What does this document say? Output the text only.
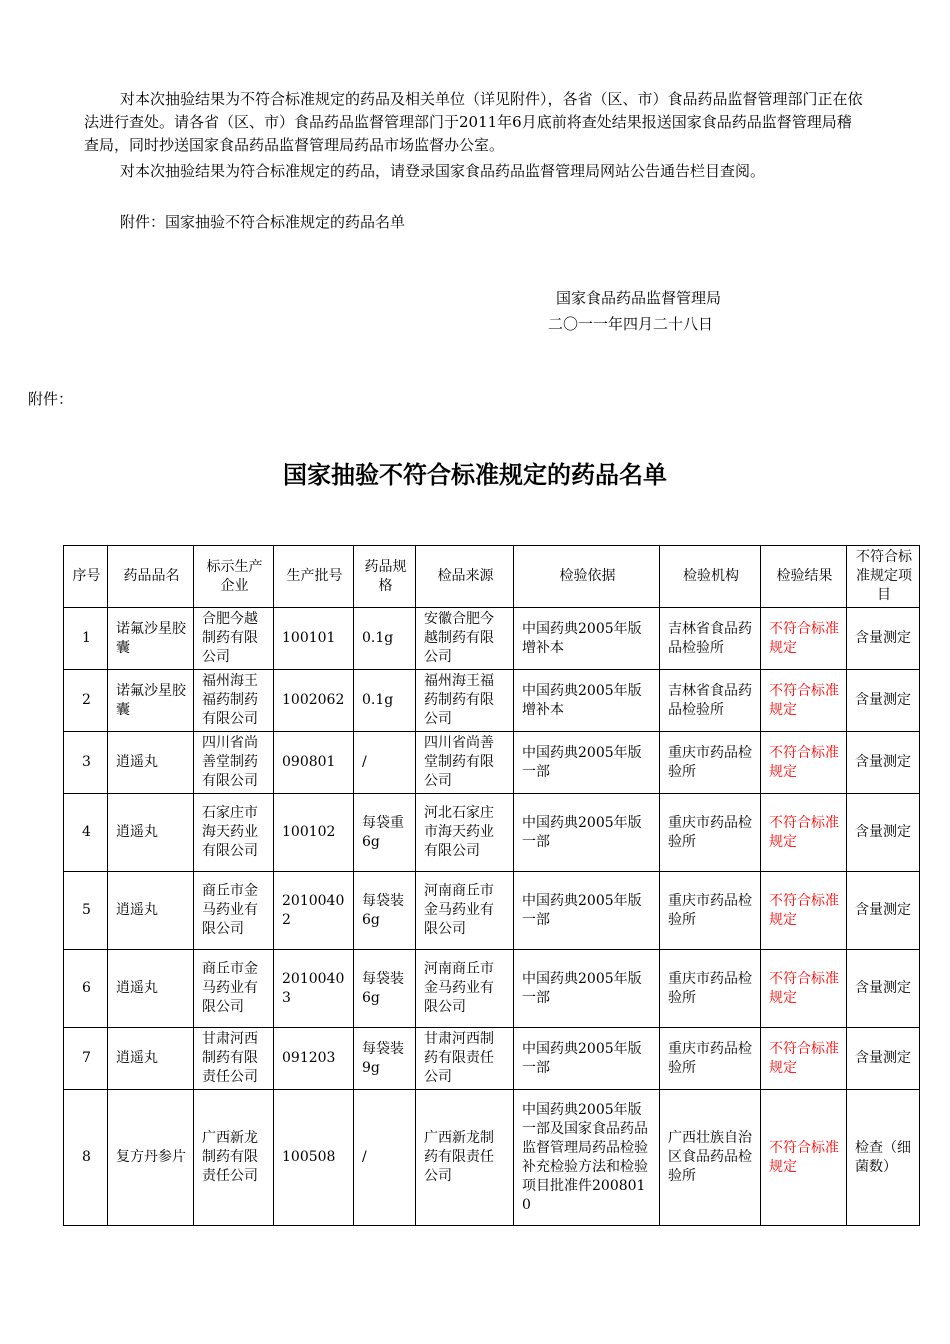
对本次抽验结果为不符合标准规定的药品及相关单位（详见附件），各省（区、市）食品药品监督管理部门正在依法进行查处。请各省（区、市）食品药品监督管理部门于2011年6月底前将查处结果报送国家食品药品监督管理局稽查局，同时抄送国家食品药品监督管理局药品市场监督办公室。
对本次抽验结果为符合标准规定的药品，请登录国家食品药品监督管理局网站公告通告栏目查阅。
附件：国家抽验不符合标准规定的药品名单
国家食品药品监督管理局
二〇一一年四月二十八日
附件：
国家抽验不符合标准规定的药品名单
序号	药品品名	标示生产企业	生产批号	药品规格	检品来源	检验依据	检验机构	检验结果	不符合标准规定项目
1	诺氟沙星胶囊	合肥今越制药有限公司	100101	0.1g	安徽合肥今越制药有限公司	中国药典2005年版增补本	吉林省食品药品检验所	不符合标准规定	含量测定
2	诺氟沙星胶囊	福州海王福药制药有限公司	1002062	0.1g	福州海王福药制药有限公司	中国药典2005年版增补本	吉林省食品药品检验所	不符合标准规定	含量测定
3	逍遥丸	四川省尚善堂制药有限公司	090801	/	四川省尚善堂制药有限公司	中国药典2005年版一部	重庆市药品检验所	不符合标准规定	含量测定
4	逍遥丸	石家庄市海天药业有限公司	100102	每袋重6g	河北石家庄市海天药业有限公司	中国药典2005年版一部	重庆市药品检验所	不符合标准规定	含量测定
5	逍遥丸	商丘市金马药业有限公司	20100402	每袋装6g	河南商丘市金马药业有限公司	中国药典2005年版一部	重庆市药品检验所	不符合标准规定	含量测定
6	逍遥丸	商丘市金马药业有限公司	20100403	每袋装6g	河南商丘市金马药业有限公司	中国药典2005年版一部	重庆市药品检验所	不符合标准规定	含量测定
7	逍遥丸	甘肃河西制药有限责任公司	091203	每袋装9g	甘肃河西制药有限责任公司	中国药典2005年版一部	重庆市药品检验所	不符合标准规定	含量测定
8	复方丹参片	广西新龙制药有限责任公司	100508	/	广西新龙制药有限责任公司	中国药典2005年版一部及国家食品药品监督管理局药品检验补充检验方法和检验项目批准件2008010	广西壮族自治区食品药品检验所	不符合标准规定	检查（细菌数）
